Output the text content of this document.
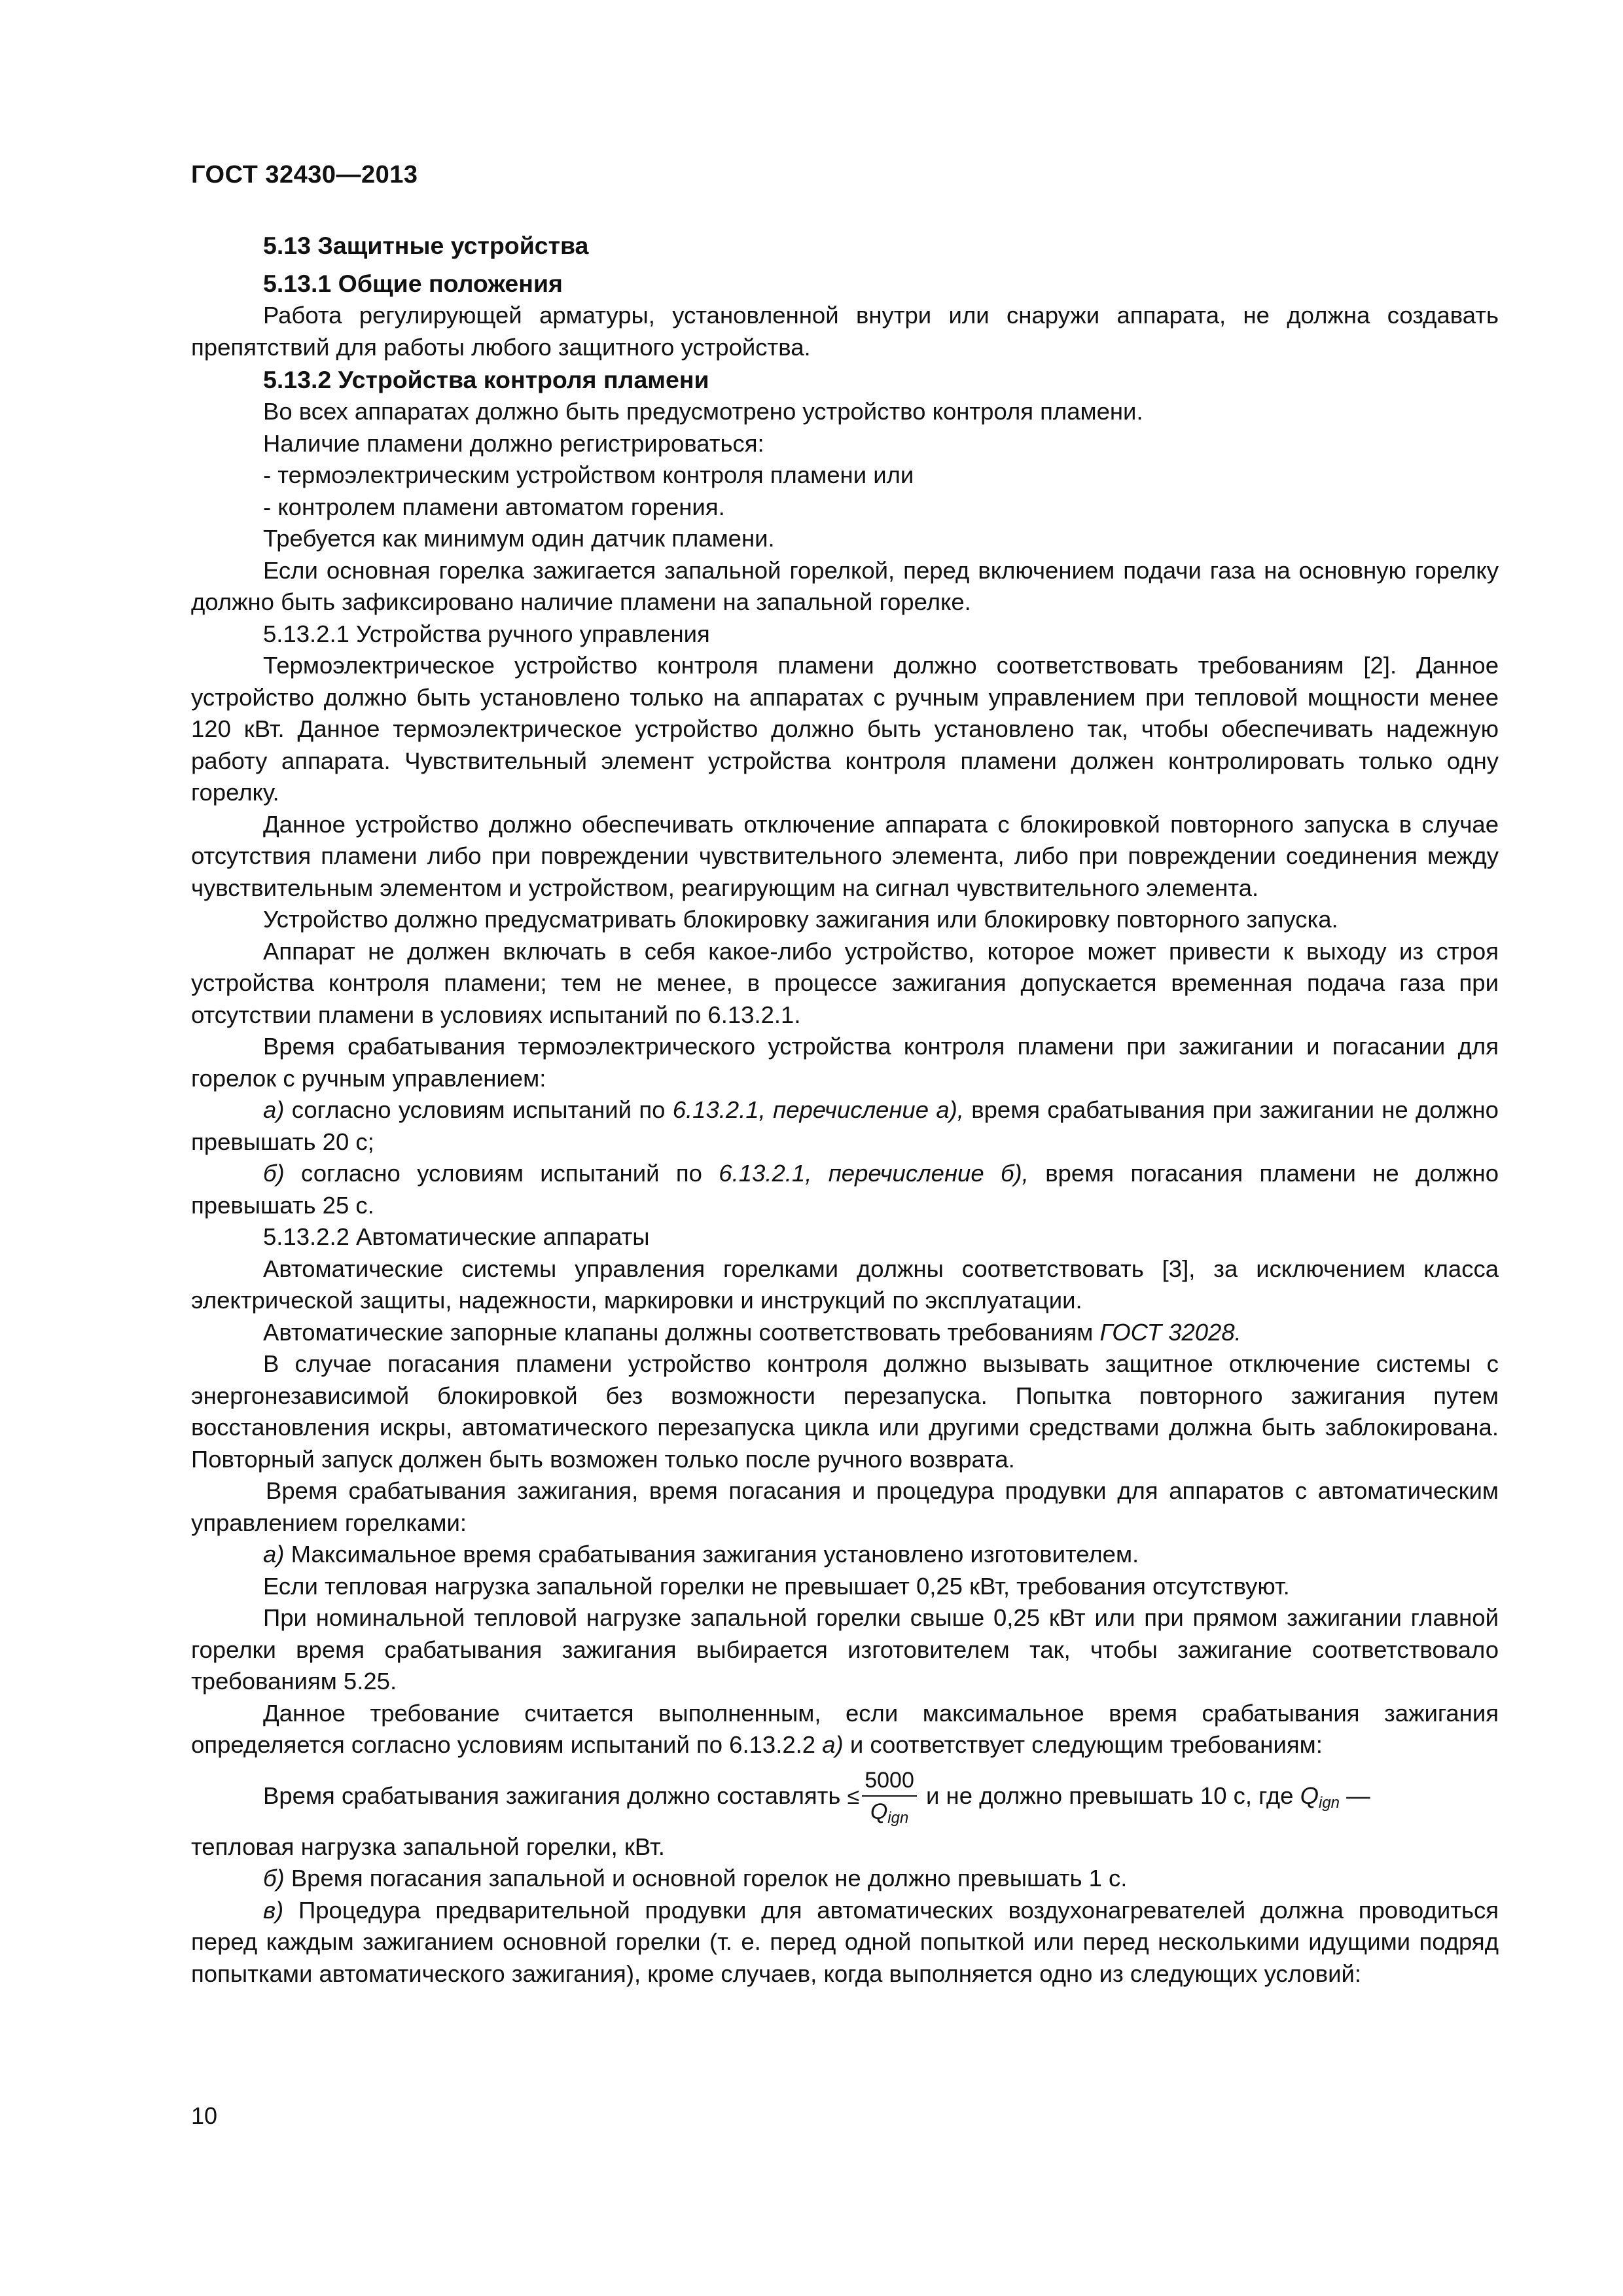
ГОСТ 32430—2013

5.13 Защитные устройства

5.13.1 Общие положения

Работа регулирующей арматуры, установленной внутри или снаружи аппарата, не должна создавать препятствий для работы любого защитного устройства.

5.13.2 Устройства контроля пламени

Во всех аппаратах должно быть предусмотрено устройство контроля пламени.

Наличие пламени должно регистрироваться:

- термоэлектрическим устройством контроля пламени или

- контролем пламени автоматом горения.

Требуется как минимум один датчик пламени.

Если основная горелка зажигается запальной горелкой, перед включением подачи газа на основную горелку должно быть зафиксировано наличие пламени на запальной горелке.

5.13.2.1 Устройства ручного управления

Термоэлектрическое устройство контроля пламени должно соответствовать требованиям [2]. Данное устройство должно быть установлено только на аппаратах с ручным управлением при тепловой мощности менее 120 кВт. Данное термоэлектрическое устройство должно быть установлено так, чтобы обеспечивать надежную работу аппарата. Чувствительный элемент устройства контроля пламени должен контролировать только одну горелку.

Данное устройство должно обеспечивать отключение аппарата с блокировкой повторного запуска в случае отсутствия пламени либо при повреждении чувствительного элемента, либо при повреждении соединения между чувствительным элементом и устройством, реагирующим на сигнал чувствительного элемента.

Устройство должно предусматривать блокировку зажигания или блокировку повторного запуска.

Аппарат не должен включать в себя какое-либо устройство, которое может привести к выходу из строя устройства контроля пламени; тем не менее, в процессе зажигания допускается временная подача газа при отсутствии пламени в условиях испытаний по 6.13.2.1.

Время срабатывания термоэлектрического устройства контроля пламени при зажигании и погасании для горелок с ручным управлением:

а) согласно условиям испытаний по 6.13.2.1, перечисление а), время срабатывания при зажигании не должно превышать 20 с;

б) согласно условиям испытаний по 6.13.2.1, перечисление б), время погасания пламени не должно превышать 25 с.

5.13.2.2 Автоматические аппараты

Автоматические системы управления горелками должны соответствовать [3], за исключением класса электрической защиты, надежности, маркировки и инструкций по эксплуатации.

Автоматические запорные клапаны должны соответствовать требованиям ГОСТ 32028.

В случае погасания пламени устройство контроля должно вызывать защитное отключение системы с энергонезависимой блокировкой без возможности перезапуска. Попытка повторного зажигания путем восстановления искры, автоматического перезапуска цикла или другими средствами должна быть заблокирована. Повторный запуск должен быть возможен только после ручного возврата.

Время срабатывания зажигания, время погасания и процедура продувки для аппаратов с автоматическим управлением горелками:

а) Максимальное время срабатывания зажигания установлено изготовителем.

Если тепловая нагрузка запальной горелки не превышает 0,25 кВт, требования отсутствуют.

При номинальной тепловой нагрузке запальной горелки свыше 0,25 кВт или при прямом зажигании главной горелки время срабатывания зажигания выбирается изготовителем так, чтобы зажигание соответствовало требованиям 5.25.

Данное требование считается выполненным, если максимальное время срабатывания зажигания определяется согласно условиям испытаний по 6.13.2.2 а) и соответствует следующим требованиям:

Время срабатывания зажигания должно составлять ≤ $\frac{5000}{Q_{ign}}$ и не должно превышать 10 с, где $Q_{ign}$ —

тепловая нагрузка запальной горелки, кВт.

б) Время погасания запальной и основной горелок не должно превышать 1 с.

в) Процедура предварительной продувки для автоматических воздухонагревателей должна проводиться перед каждым зажиганием основной горелки (т. е. перед одной попыткой или перед несколькими идущими подряд попытками автоматического зажигания), кроме случаев, когда выполняется одно из следующих условий:

10
